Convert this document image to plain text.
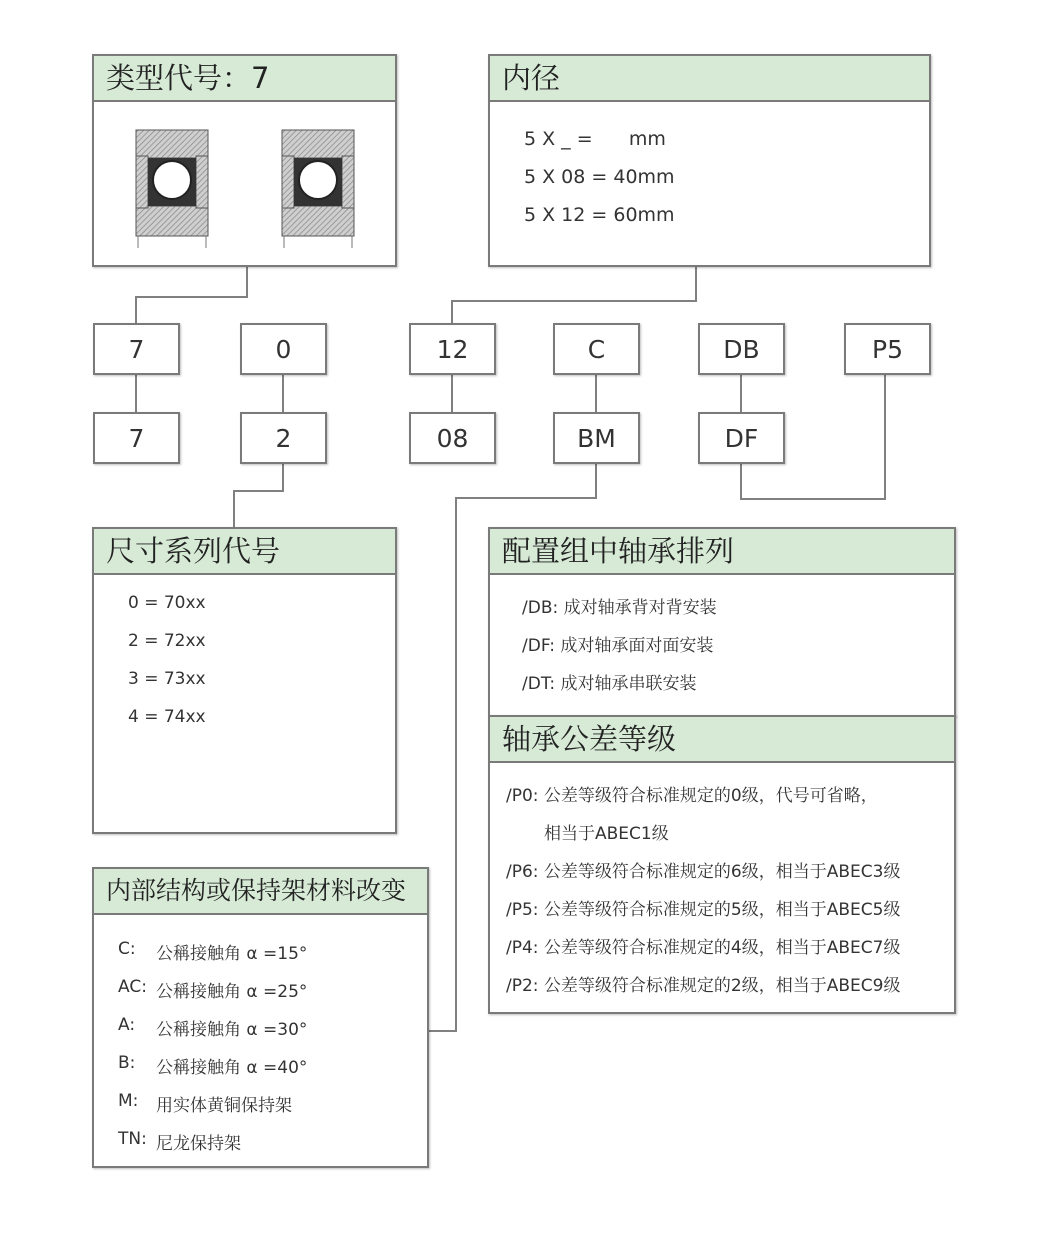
类型代号：7	内径
5 X _ =      mm
5 X 08 = 40mm
5 X 12 = 60mm
7	0	12	C	DB	P5
7	2	08	BM	DF
尺寸系列代号
0 = 70xx
2 = 72xx
3 = 73xx
4 = 74xx
配置组中轴承排列
/DB: 成对轴承背对背安装
/DF: 成对轴承面对面安装
/DT: 成对轴承串联安装
轴承公差等级
/P0: 公差等级符合标准规定的0级，代号可省略，
相当于ABEC1级
/P6: 公差等级符合标准规定的6级，相当于ABEC3级
/P5: 公差等级符合标准规定的5级，相当于ABEC5级
/P4: 公差等级符合标准规定的4级，相当于ABEC7级
/P2: 公差等级符合标准规定的2级，相当于ABEC9级
内部结构或保持架材料改变
C: 公稱接触角 α =15°
AC: 公稱接触角 α =25°
A: 公稱接触角 α =30°
B: 公稱接触角 α =40°
M: 用实体黄铜保持架
TN: 尼龙保持架
